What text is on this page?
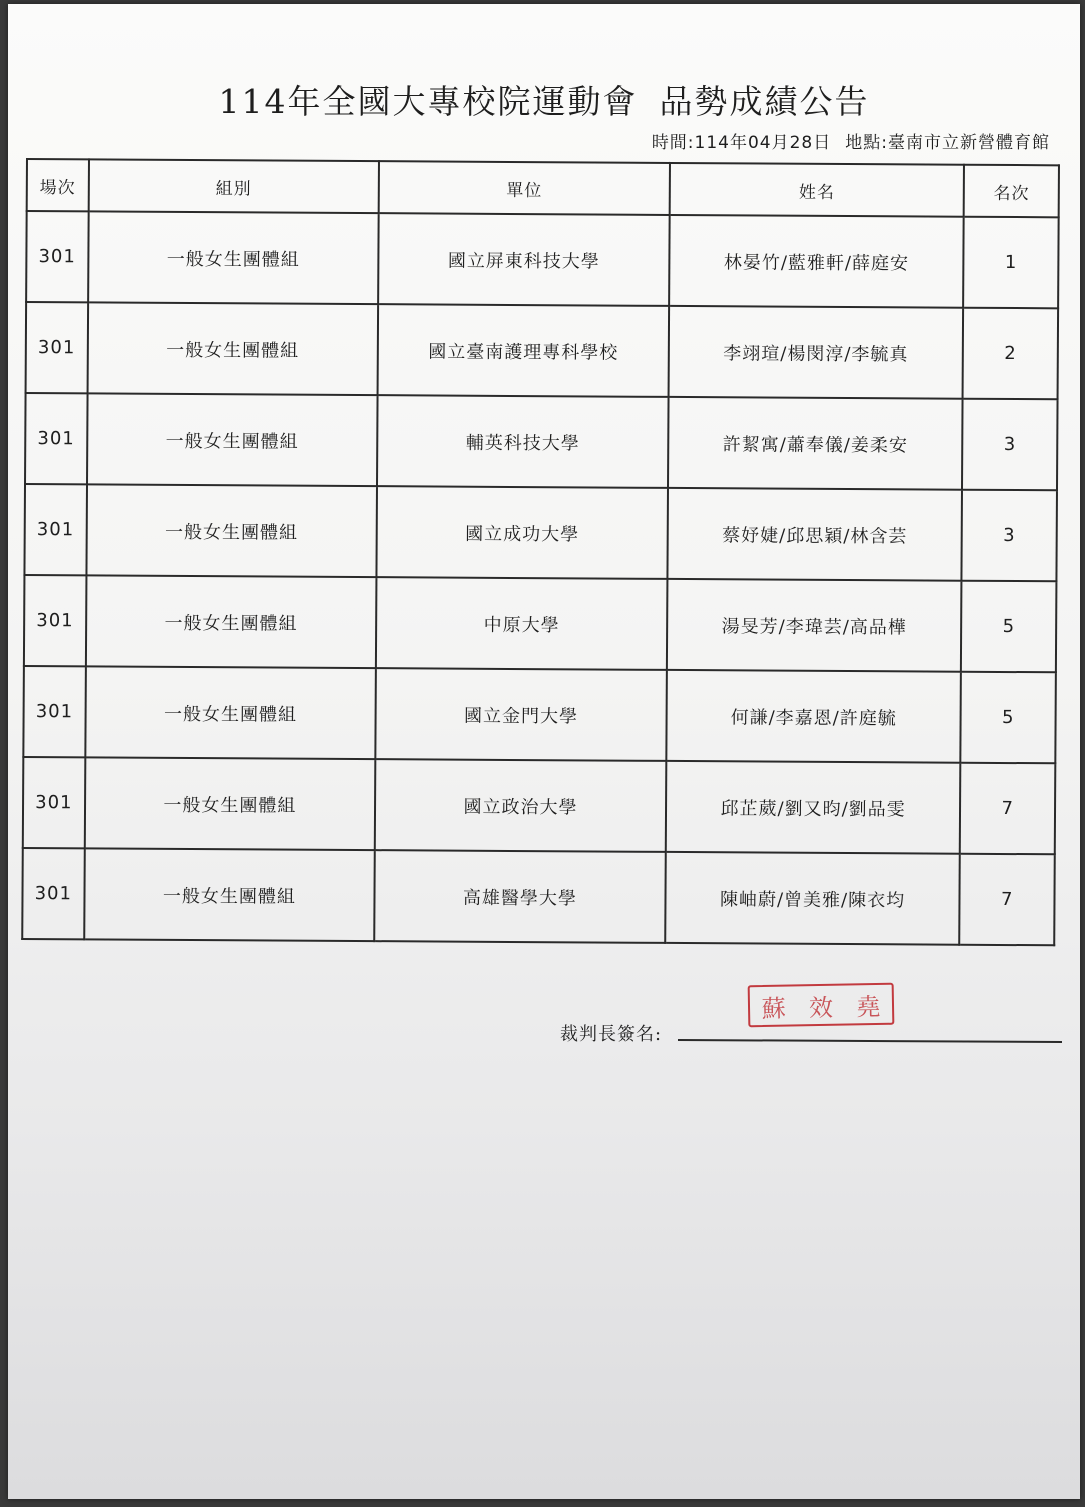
114年全國大專校院運動會 品勢成績公告
時間:114年04月28日 地點:臺南市立新營體育館
場次	組別	單位	姓名	名次
301	一般女生團體組	國立屏東科技大學	林晏竹/藍雅軒/薛庭安	1
301	一般女生團體組	國立臺南護理專科學校	李翊瑄/楊閔淳/李毓真	2
301	一般女生團體組	輔英科技大學	許絜寓/蕭奉儀/姜柔安	3
301	一般女生團體組	國立成功大學	蔡妤婕/邱思穎/林含芸	3
301	一般女生團體組	中原大學	湯旻芳/李瑋芸/高品樺	5
301	一般女生團體組	國立金門大學	何謙/李嘉恩/許庭毓	5
301	一般女生團體組	國立政治大學	邱芷葳/劉又昀/劉品雯	7
301	一般女生團體組	高雄醫學大學	陳岫蔚/曾美雅/陳衣均	7
蘇 效 堯
裁判長簽名:
